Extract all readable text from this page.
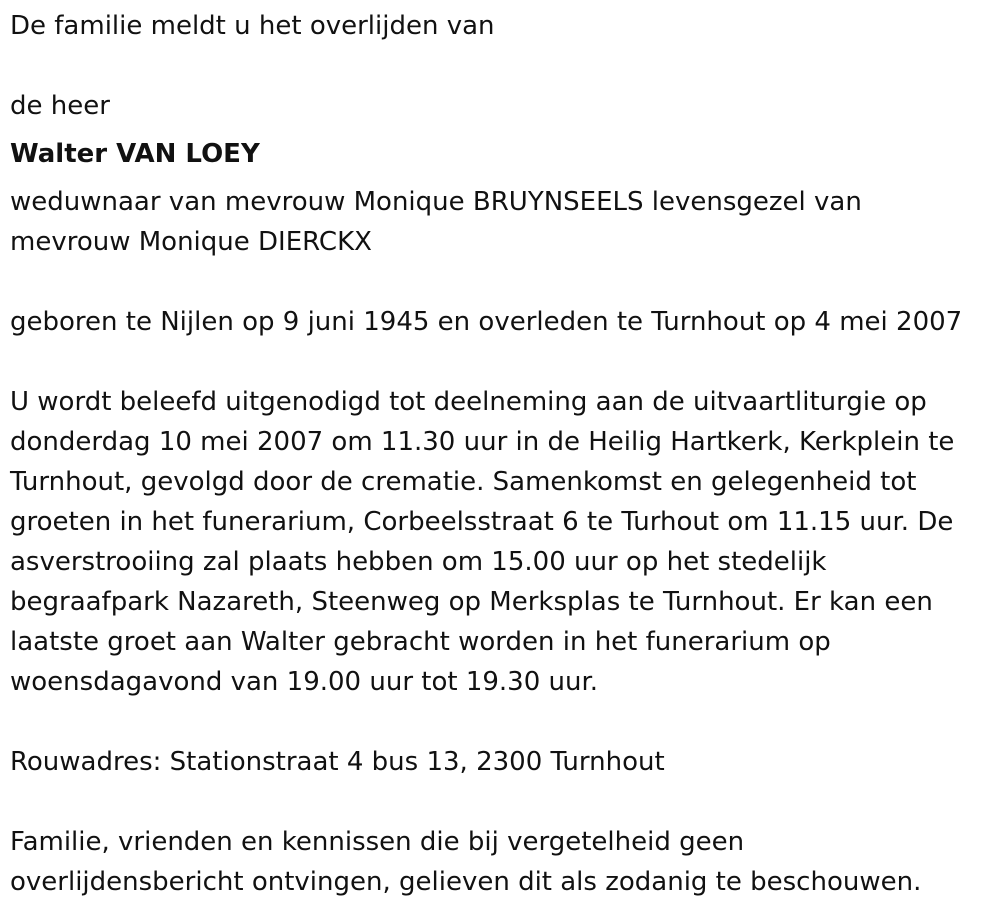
De familie meldt u het overlijden van

de heer

Walter VAN LOEY

weduwnaar van mevrouw Monique BRUYNSEELS levensgezel van

mevrouw Monique DIERCKX

geboren te Nijlen op 9 juni 1945 en overleden te Turnhout op 4 mei 2007

U wordt beleefd uitgenodigd tot deelneming aan de uitvaartliturgie op

donderdag 10 mei 2007 om 11.30 uur in de Heilig Hartkerk, Kerkplein te

Turnhout, gevolgd door de crematie. Samenkomst en gelegenheid tot

groeten in het funerarium, Corbeelsstraat 6 te Turhout om 11.15 uur. De

asverstrooiing zal plaats hebben om 15.00 uur op het stedelijk

begraafpark Nazareth, Steenweg op Merksplas te Turnhout. Er kan een

laatste groet aan Walter gebracht worden in het funerarium op

woensdagavond van 19.00 uur tot 19.30 uur.

Rouwadres: Stationstraat 4 bus 13, 2300 Turnhout

Familie, vrienden en kennissen die bij vergetelheid geen

overlijdensbericht ontvingen, gelieven dit als zodanig te beschouwen.
